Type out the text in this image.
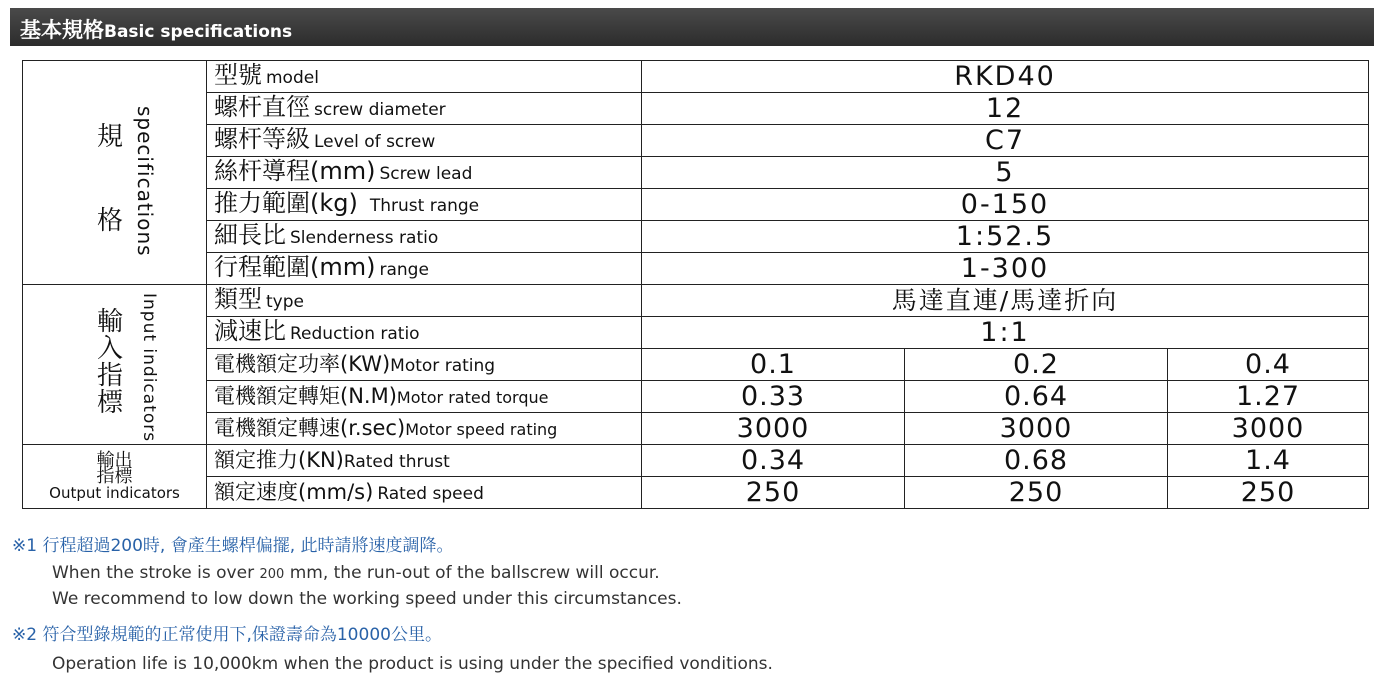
基本規格Basic specifications
規
格 specifications	型號 model	RKD40		
	螺杆直徑 screw diameter	12		
	螺杆等級 Level of screw	C7		
	絲杆導程(mm) Screw lead	5		
	推力範圍(kg) Thrust range	0-150		
	細長比 Slenderness ratio	1:52.5		
	行程範圍(mm) range	1-300		

輸
入
指
標 Input indicators	類型 type	馬達直連/馬達折向		
	減速比 Reduction ratio	1:1		
	電機額定功率(KW)Motor rating	0.1	0.2	0.4
	電機額定轉矩(N.M)Motor rated torque	0.33	0.64	1.27
	電機額定轉速(r.sec)Motor speed rating	3000	3000	3000

輸出
指標
Output indicators	額定推力(KN)Rated thrust	0.34	0.68	1.4
	額定速度(mm/s) Rated speed	250	250	250

※1 行程超過200時, 會產生螺桿偏擺, 此時請將速度調降。

When the stroke is over 200 mm, the run-out of the ballscrew will occur.

We recommend to low down the working speed under this circumstances.

※2 符合型錄規範的正常使用下,保證壽命為10000公里。

Operation life is 10,000km when the product is using under the specified vonditions.
